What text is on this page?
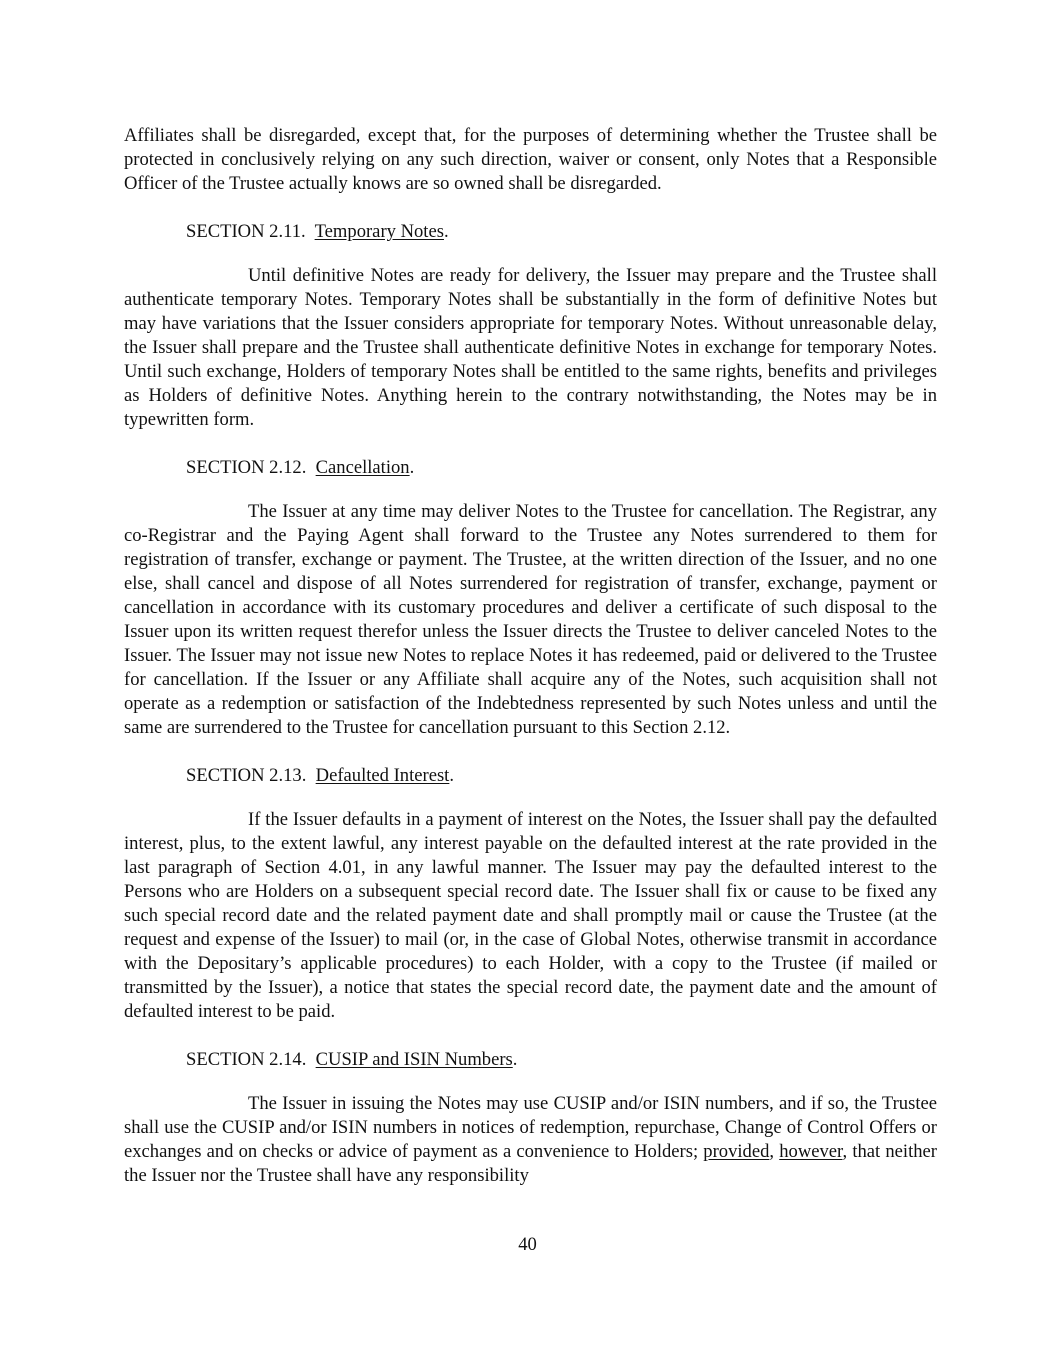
Affiliates shall be disregarded, except that, for the purposes of determining whether the Trustee shall be protected in conclusively relying on any such direction, waiver or consent, only Notes that a Responsible Officer of the Trustee actually knows are so owned shall be disregarded.

SECTION 2.11. Temporary Notes.

Until definitive Notes are ready for delivery, the Issuer may prepare and the Trustee shall authenticate temporary Notes. Temporary Notes shall be substantially in the form of definitive Notes but may have variations that the Issuer considers appropriate for temporary Notes. Without unreasonable delay, the Issuer shall prepare and the Trustee shall authenticate definitive Notes in exchange for temporary Notes. Until such exchange, Holders of temporary Notes shall be entitled to the same rights, benefits and privileges as Holders of definitive Notes. Anything herein to the contrary notwithstanding, the Notes may be in typewritten form.

SECTION 2.12. Cancellation.

The Issuer at any time may deliver Notes to the Trustee for cancellation. The Registrar, any co-Registrar and the Paying Agent shall forward to the Trustee any Notes surrendered to them for registration of transfer, exchange or payment. The Trustee, at the written direction of the Issuer, and no one else, shall cancel and dispose of all Notes surrendered for registration of transfer, exchange, payment or cancellation in accordance with its customary procedures and deliver a certificate of such disposal to the Issuer upon its written request therefor unless the Issuer directs the Trustee to deliver canceled Notes to the Issuer. The Issuer may not issue new Notes to replace Notes it has redeemed, paid or delivered to the Trustee for cancellation. If the Issuer or any Affiliate shall acquire any of the Notes, such acquisition shall not operate as a redemption or satisfaction of the Indebtedness represented by such Notes unless and until the same are surrendered to the Trustee for cancellation pursuant to this Section 2.12.

SECTION 2.13. Defaulted Interest.

If the Issuer defaults in a payment of interest on the Notes, the Issuer shall pay the defaulted interest, plus, to the extent lawful, any interest payable on the defaulted interest at the rate provided in the last paragraph of Section 4.01, in any lawful manner. The Issuer may pay the defaulted interest to the Persons who are Holders on a subsequent special record date. The Issuer shall fix or cause to be fixed any such special record date and the related payment date and shall promptly mail or cause the Trustee (at the request and expense of the Issuer) to mail (or, in the case of Global Notes, otherwise transmit in accordance with the Depositary’s applicable procedures) to each Holder, with a copy to the Trustee (if mailed or transmitted by the Issuer), a notice that states the special record date, the payment date and the amount of defaulted interest to be paid.

SECTION 2.14. CUSIP and ISIN Numbers.

The Issuer in issuing the Notes may use CUSIP and/or ISIN numbers, and if so, the Trustee shall use the CUSIP and/or ISIN numbers in notices of redemption, repurchase, Change of Control Offers or exchanges and on checks or advice of payment as a convenience to Holders; provided, however, that neither the Issuer nor the Trustee shall have any responsibility

40
